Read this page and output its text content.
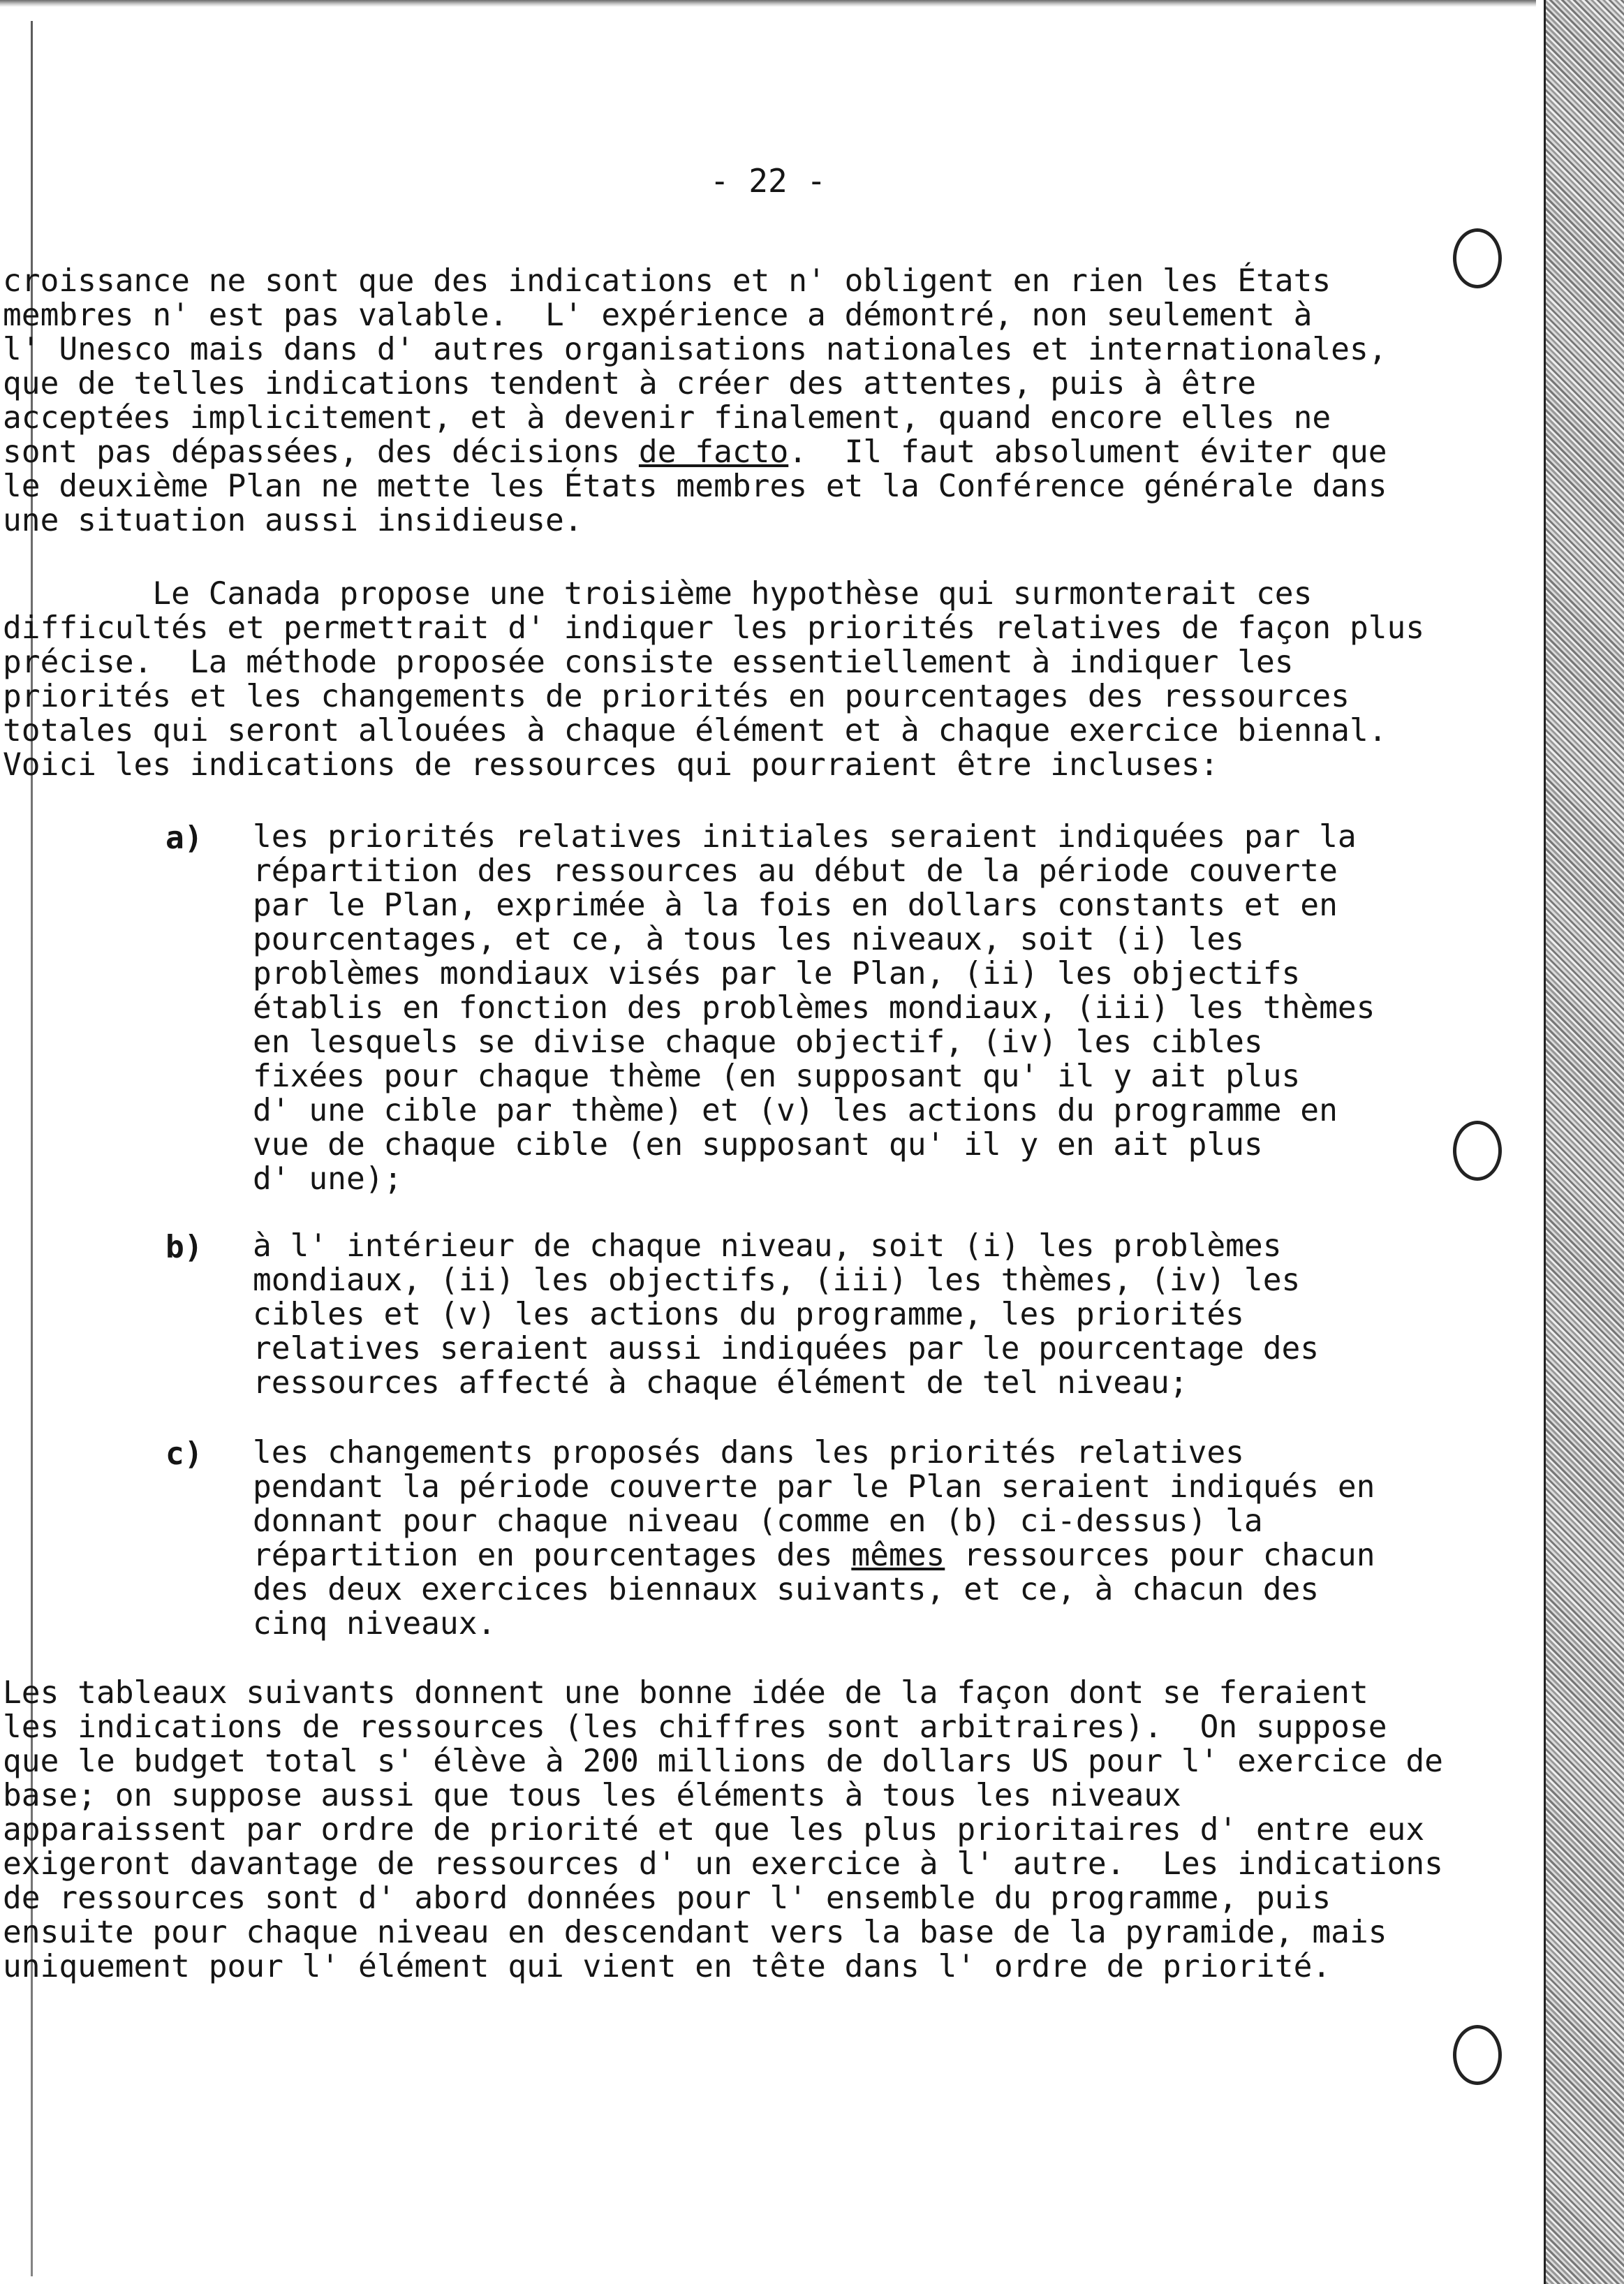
- 22 -
croissance ne sont que des indications et n' obligent en rien les États
membres n' est pas valable.  L' expérience a démontré, non seulement à
l' Unesco mais dans d' autres organisations nationales et internationales,
que de telles indications tendent à créer des attentes, puis à être
acceptées implicitement, et à devenir finalement, quand encore elles ne
sont pas dépassées, des décisions de facto.  Il faut absolument éviter que
le deuxième Plan ne mette les États membres et la Conférence générale dans
une situation aussi insidieuse.
Le Canada propose une troisième hypothèse qui surmonterait ces
difficultés et permettrait d' indiquer les priorités relatives de façon plus
précise.  La méthode proposée consiste essentiellement à indiquer les
priorités et les changements de priorités en pourcentages des ressources
totales qui seront allouées à chaque élément et à chaque exercice biennal.
Voici les indications de ressources qui pourraient être incluses:
a) les priorités relatives initiales seraient indiquées par la
répartition des ressources au début de la période couverte
par le Plan, exprimée à la fois en dollars constants et en
pourcentages, et ce, à tous les niveaux, soit (i) les
problèmes mondiaux visés par le Plan, (ii) les objectifs
établis en fonction des problèmes mondiaux, (iii) les thèmes
en lesquels se divise chaque objectif, (iv) les cibles
fixées pour chaque thème (en supposant qu' il y ait plus
d' une cible par thème) et (v) les actions du programme en
vue de chaque cible (en supposant qu' il y en ait plus
d' une);
b) à l' intérieur de chaque niveau, soit (i) les problèmes
mondiaux, (ii) les objectifs, (iii) les thèmes, (iv) les
cibles et (v) les actions du programme, les priorités
relatives seraient aussi indiquées par le pourcentage des
ressources affecté à chaque élément de tel niveau;
c) les changements proposés dans les priorités relatives
pendant la période couverte par le Plan seraient indiqués en
donnant pour chaque niveau (comme en (b) ci-dessus) la
répartition en pourcentages des mêmes ressources pour chacun
des deux exercices biennaux suivants, et ce, à chacun des
cinq niveaux.
Les tableaux suivants donnent une bonne idée de la façon dont se feraient
les indications de ressources (les chiffres sont arbitraires).  On suppose
que le budget total s' élève à 200 millions de dollars US pour l' exercice de
base; on suppose aussi que tous les éléments à tous les niveaux
apparaissent par ordre de priorité et que les plus prioritaires d' entre eux
exigeront davantage de ressources d' un exercice à l' autre.  Les indications
de ressources sont d' abord données pour l' ensemble du programme, puis
ensuite pour chaque niveau en descendant vers la base de la pyramide, mais
uniquement pour l' élément qui vient en tête dans l' ordre de priorité.
